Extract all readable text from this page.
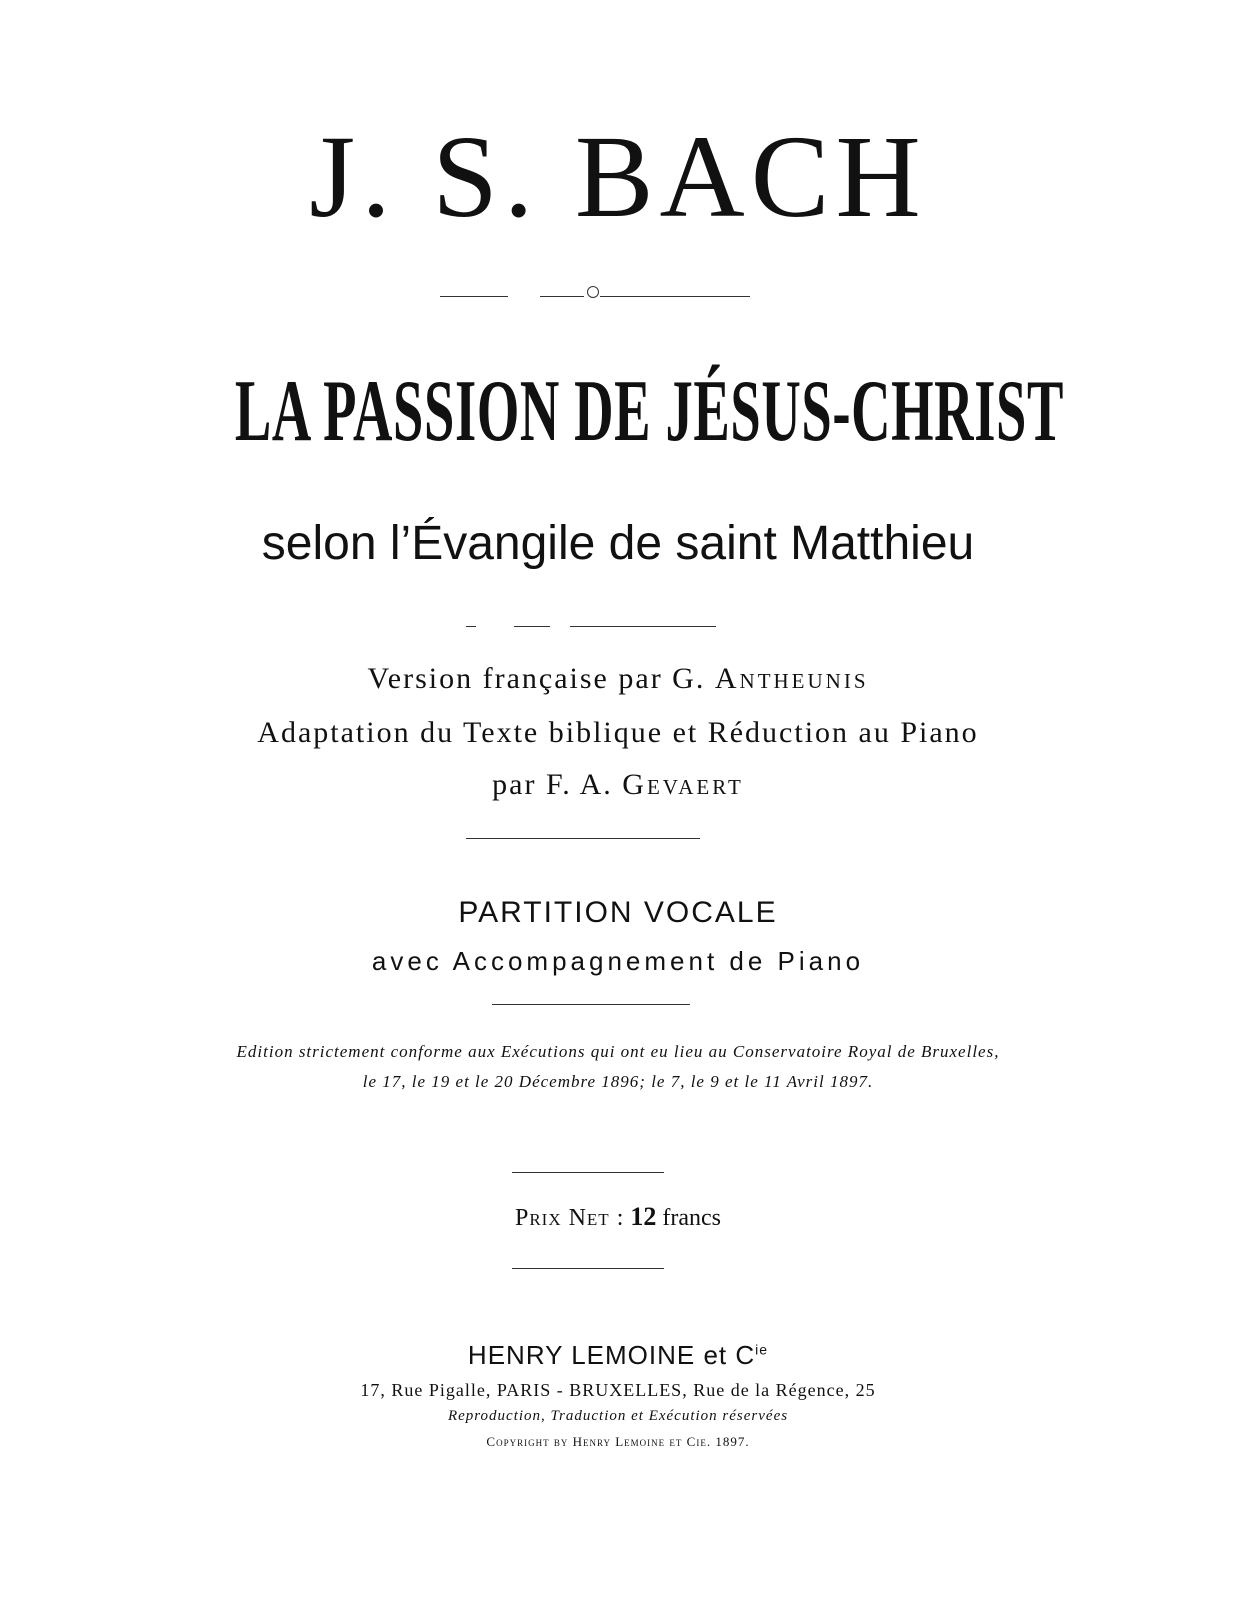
J. S. BACH
LA PASSION DE JÉSUS-CHRIST
selon l’Évangile de saint Matthieu
Version française par G. Antheunis
Adaptation du Texte biblique et Réduction au Piano
par F. A. Gevaert
PARTITION VOCALE
avec Accompagnement de Piano
Edition strictement conforme aux Exécutions qui ont eu lieu au Conservatoire Royal de Bruxelles,
le 17, le 19 et le 20 Décembre 1896; le 7, le 9 et le 11 Avril 1897.
Prix Net : 12 francs
HENRY LEMOINE et $C^{ie}$
17, Rue Pigalle, PARIS - BRUXELLES, Rue de la Régence, 25
Reproduction, Traduction et Exécution réservées
Copyright by Henry Lemoine et Cie. 1897.
